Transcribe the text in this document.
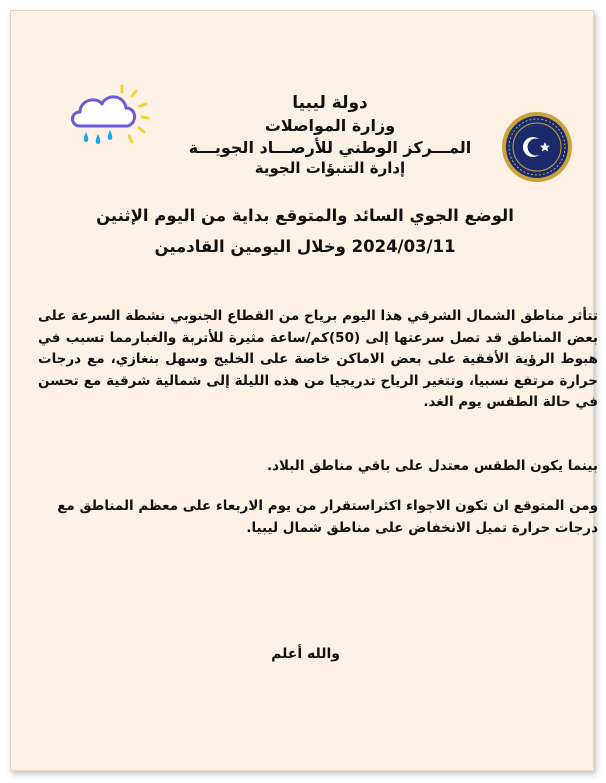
دولة ليبيا
وزارة المواصلات
المـــركز الوطني للأرصـــاد الجويـــة
إدارة التنبؤات الجوية
الوضع الجوي السائد والمتوقع بداية من اليوم الإثنين
2024/03/11 وخلال اليومين القادمين
تتأثر مناطق الشمال الشرقي هذا اليوم برياح من القطاع الجنوبي نشطة السرعة على بعض المناطق قد تصل سرعتها إلى (50)كم/ساعة مثيرة للأتربة والغبارمما تسبب في هبوط الرؤية الأفقية على بعض الاماكن خاصة على الخليج وسهل بنغازي، مع درجات حرارة مرتفع نسبيا، وتتغير الرياح تدريجيا من هذه الليلة إلى شمالية شرقية مع تحسن في حالة الطقس يوم الغد.
بينما يكون الطقس معتدل على باقي مناطق البلاد.
ومن المتوقع ان تكون الاجواء اكثراستقرار من يوم الاربعاء على معظم المناطق مع درجات حرارة تميل الانخفاض على مناطق شمال ليبيا.
والله أعلم
